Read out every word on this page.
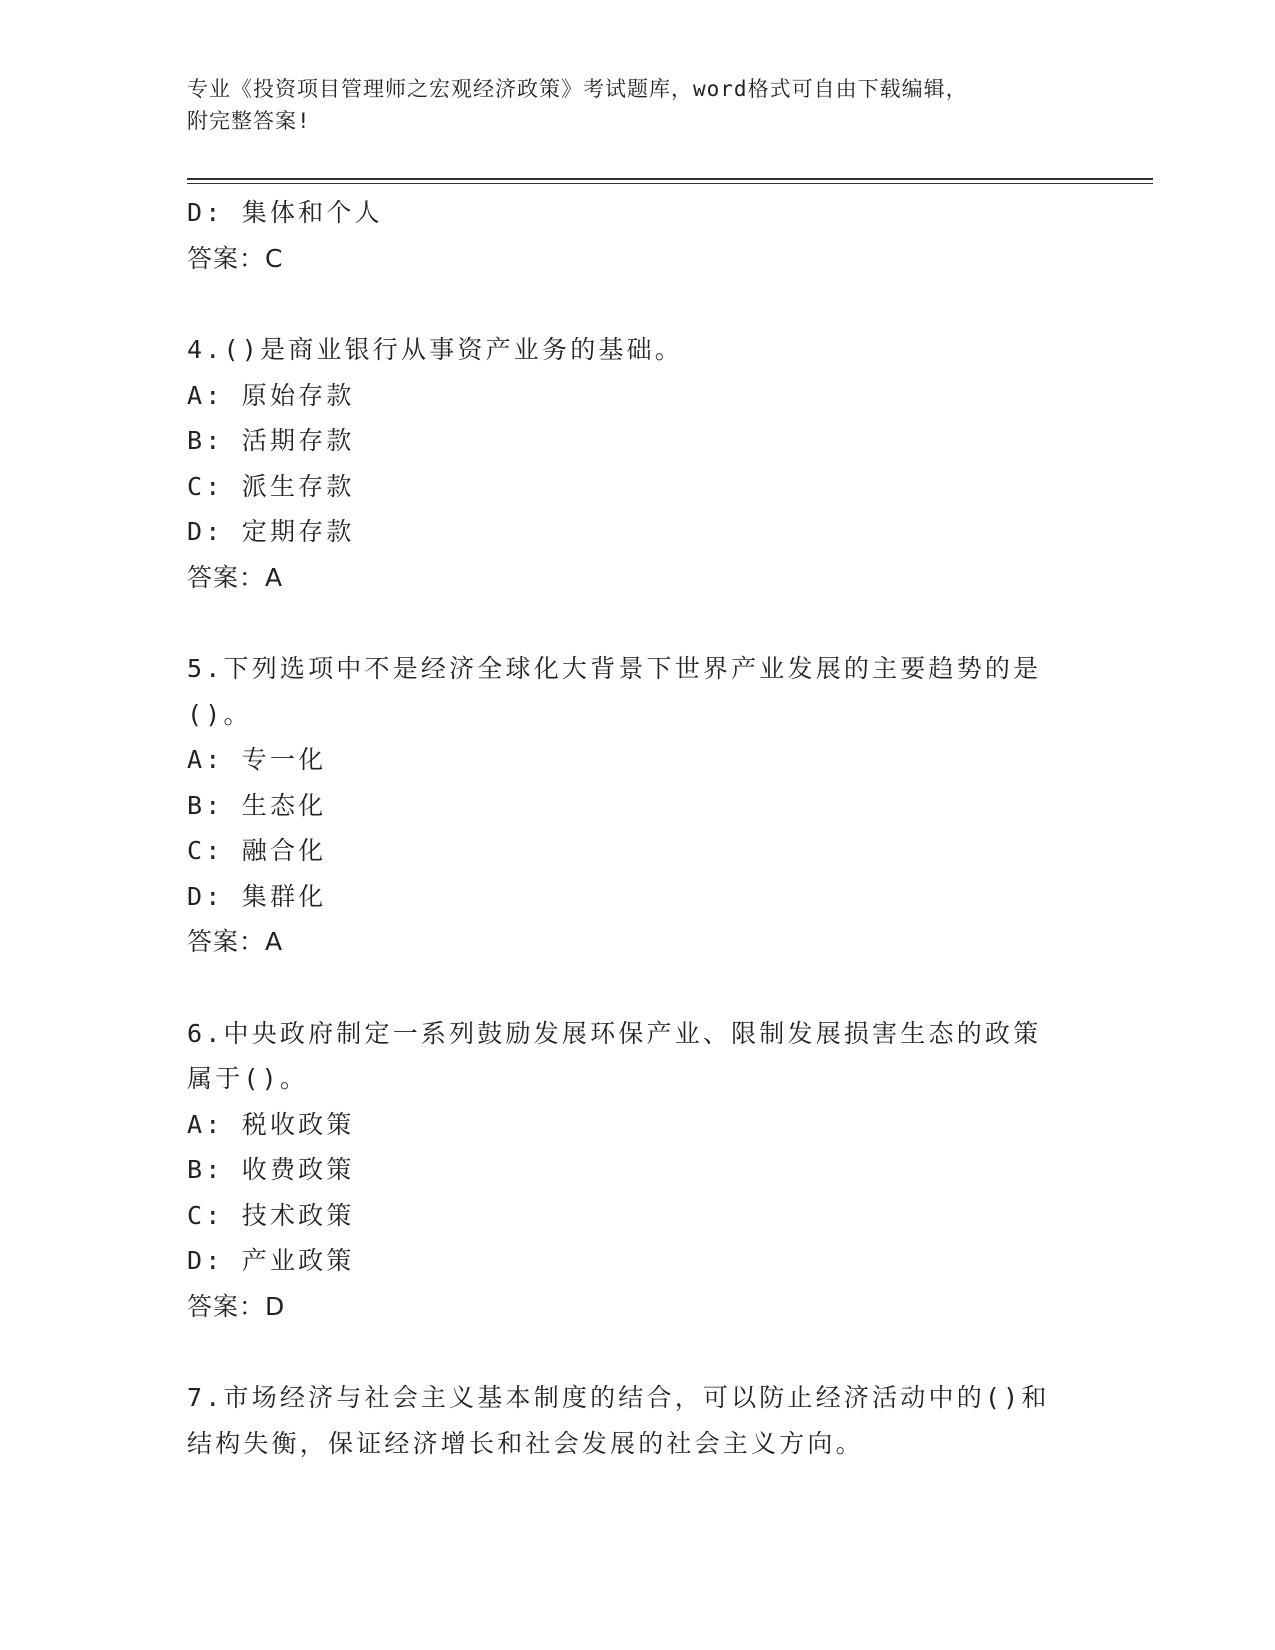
专业《投资项目管理师之宏观经济政策》考试题库，word格式可自由下载编辑，
附完整答案!
D: 集体和个人
答案：C
4.()是商业银行从事资产业务的基础。
A: 原始存款
B: 活期存款
C: 派生存款
D: 定期存款
答案：A
5.下列选项中不是经济全球化大背景下世界产业发展的主要趋势的是
()。
A: 专一化
B: 生态化
C: 融合化
D: 集群化
答案：A
6.中央政府制定一系列鼓励发展环保产业、限制发展损害生态的政策
属于()。
A: 税收政策
B: 收费政策
C: 技术政策
D: 产业政策
答案：D
7.市场经济与社会主义基本制度的结合，可以防止经济活动中的()和
结构失衡，保证经济增长和社会发展的社会主义方向。
